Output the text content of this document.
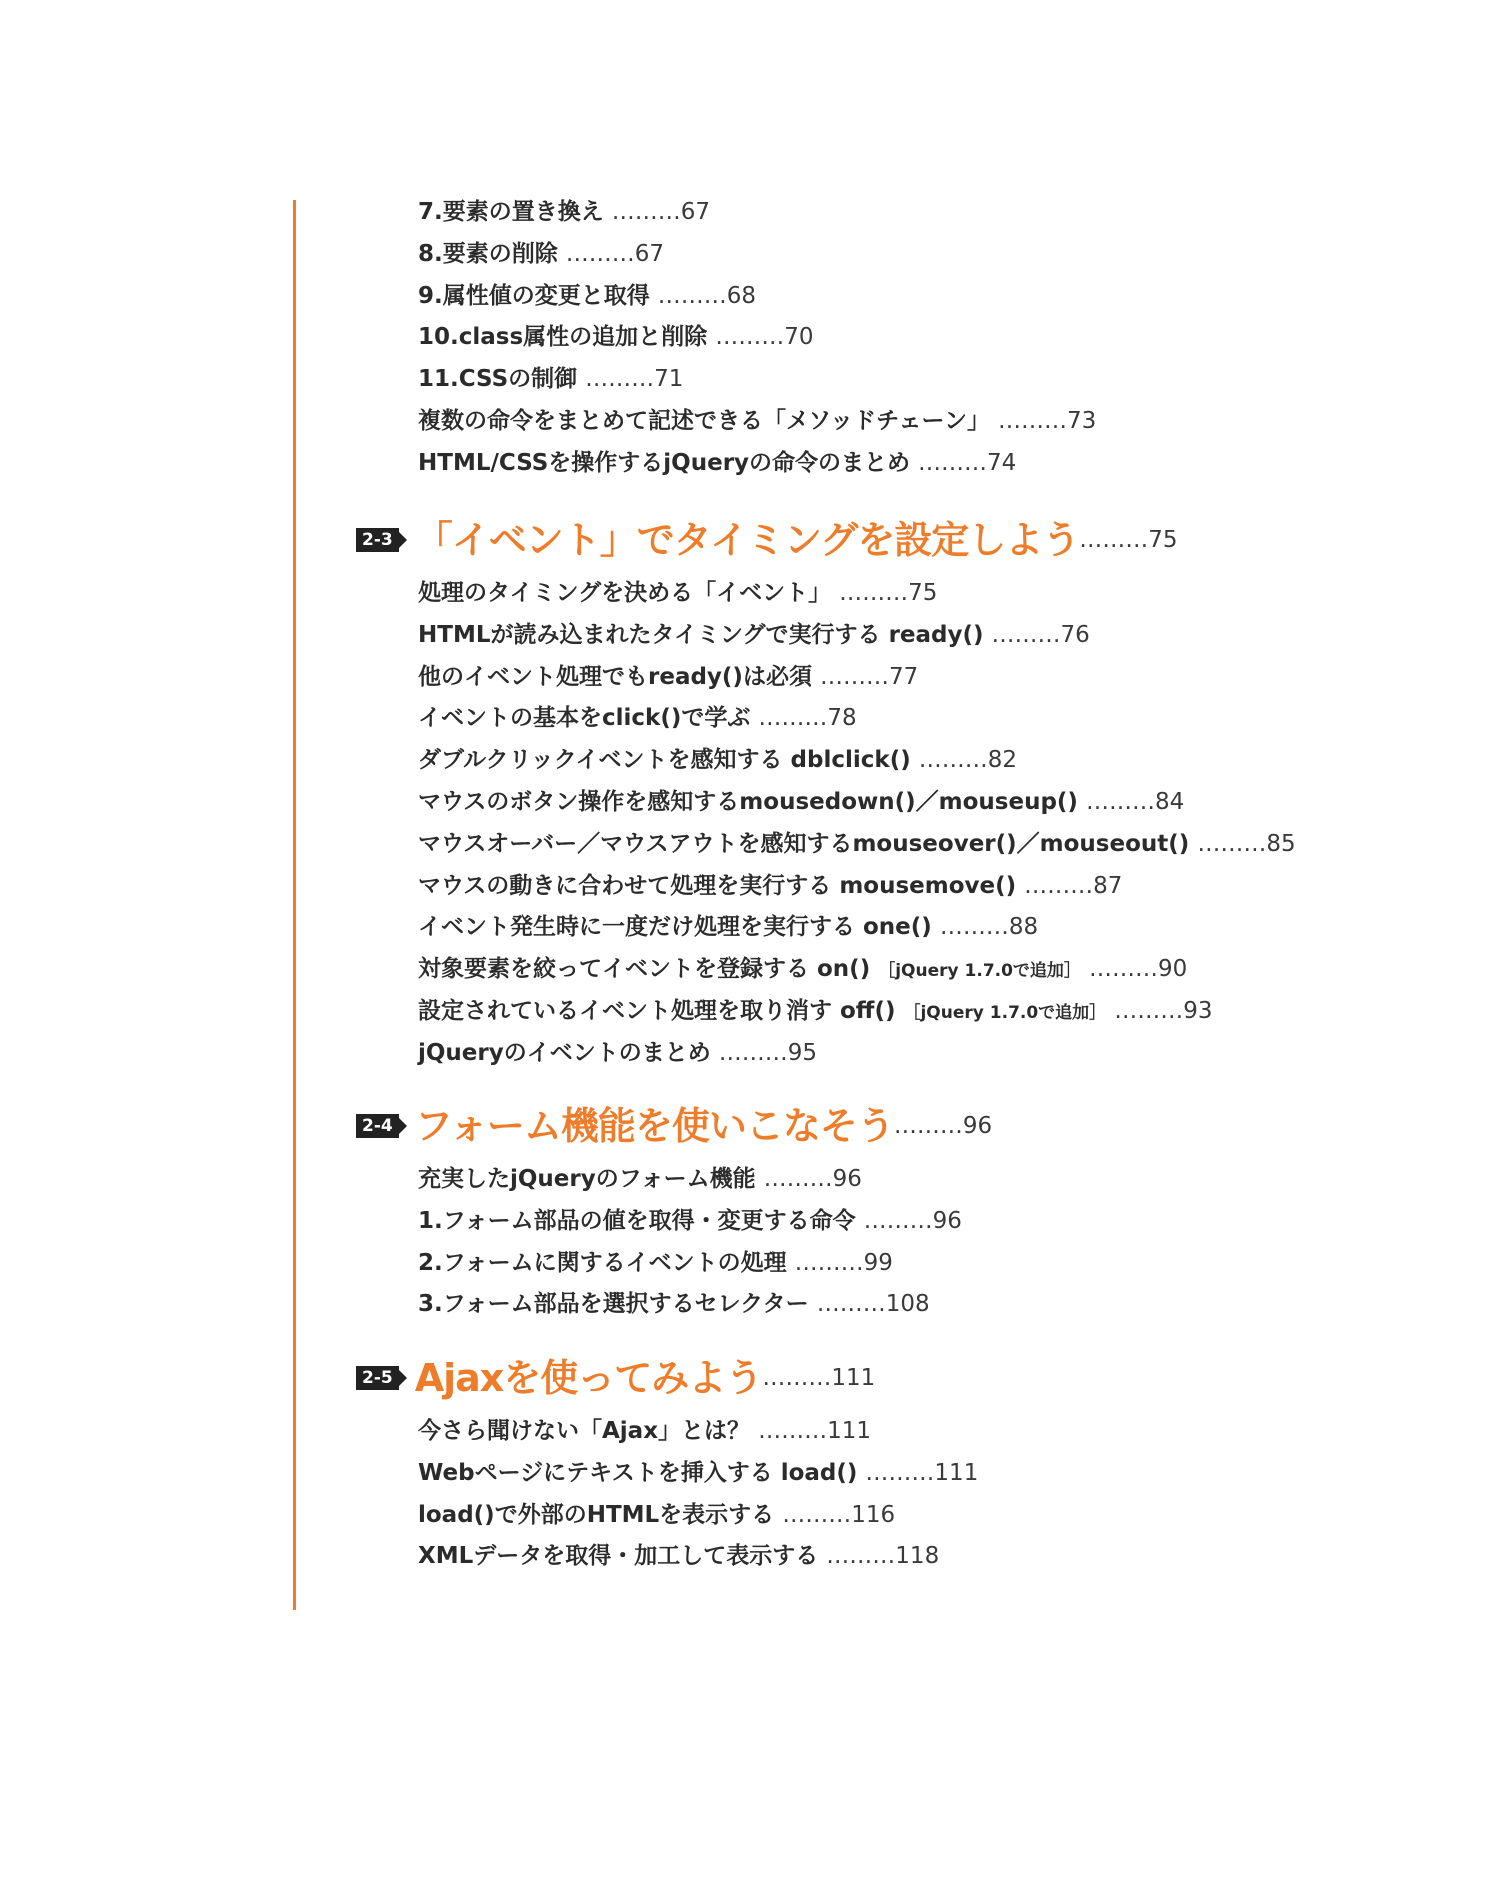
7.要素の置き換え ………67
8.要素の削除 ………67
9.属性値の変更と取得 ………68
10.class属性の追加と削除 ………70
11.CSSの制御 ………71
複数の命令をまとめて記述できる「メソッドチェーン」 ………73
HTML/CSSを操作するjQueryの命令のまとめ ………74
2-3 「イベント」でタイミングを設定しよう ……… 75
処理のタイミングを決める「イベント」 ………75
HTMLが読み込まれたタイミングで実行する ready() ………76
他のイベント処理でもready()は必須 ………77
イベントの基本をclick()で学ぶ ………78
ダブルクリックイベントを感知する dblclick() ………82
マウスのボタン操作を感知するmousedown()／mouseup() ………84
マウスオーバー／マウスアウトを感知するmouseover()／mouseout() ………85
マウスの動きに合わせて処理を実行する mousemove() ………87
イベント発生時に一度だけ処理を実行する one() ………88
対象要素を絞ってイベントを登録する on() ［jQuery 1.7.0で追加］ ………90
設定されているイベント処理を取り消す off() ［jQuery 1.7.0で追加］ ………93
jQueryのイベントのまとめ ………95
2-4 フォーム機能を使いこなそう ……… 96
充実したjQueryのフォーム機能 ………96
1.フォーム部品の値を取得・変更する命令 ………96
2.フォームに関するイベントの処理 ………99
3.フォーム部品を選択するセレクター ………108
2-5 Ajaxを使ってみよう ……… 111
今さら聞けない「Ajax」とは？ ………111
Webページにテキストを挿入する load() ………111
load()で外部のHTMLを表示する ………116
XMLデータを取得・加工して表示する ………118
